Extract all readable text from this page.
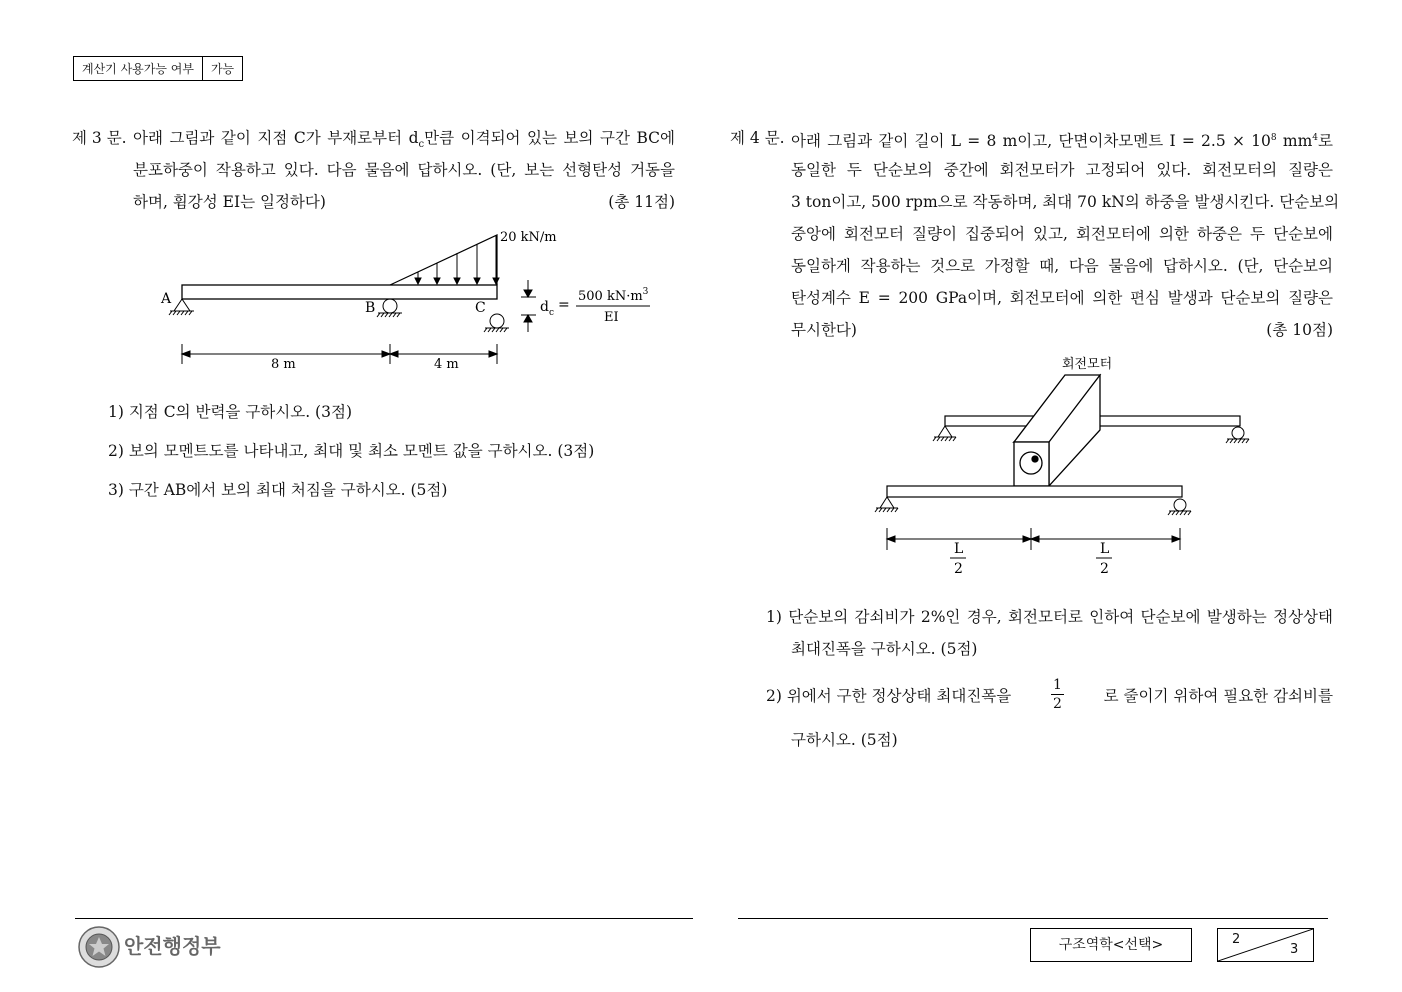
계산기 사용가능 여부	가능
제 3 문. 아래 그림과 같이 지점 C가 부재로부터 $d_c$만큼 이격되어 있는 보의 구간 BC에
분포하중이 작용하고 있다. 다음 물음에 답하시오. (단, 보는 선형탄성 거동을
하며, 휨강성 EI는 일정하다)	(총 11점)
20 kN/m
A
B	C	$d_c$ =
500 $kN\cdot m^3$
EI
8 m	4 m
1) 지점 C의 반력을 구하시오. (3점)
2) 보의 모멘트도를 나타내고, 최대 및 최소 모멘트 값을 구하시오. (3점)
3) 구간 AB에서 보의 최대 처짐을 구하시오. (5점)
제 4 문. 아래 그림과 같이 길이 L = 8 m이고, 단면이차모멘트 $I = 2.5 \times 10^8$ $mm^4$로
동일한 두 단순보의 중간에 회전모터가 고정되어 있다. 회전모터의 질량은
3 ton이고, 500 rpm으로 작동하며, 최대 70 kN의 하중을 발생시킨다. 단순보의
중앙에 회전모터 질량이 집중되어 있고, 회전모터에 의한 하중은 두 단순보에
동일하게 작용하는 것으로 가정할 때, 다음 물음에 답하시오. (단, 단순보의
탄성계수 E = 200 GPa이며, 회전모터에 의한 편심 발생과 단순보의 질량은
무시한다)	(총 10점)
회전모터
L
2
L
2
1) 단순보의 감쇠비가 2%인 경우, 회전모터로 인하여 단순보에 발생하는 정상상태
최대진폭을 구하시오. (5점)
2) 위에서 구한 정상상태 최대진폭을	$\frac{1}{2}$	로 줄이기 위하여 필요한 감쇠비를
구하시오. (5점)
안전행정부	구조역학<선택>	2
3
